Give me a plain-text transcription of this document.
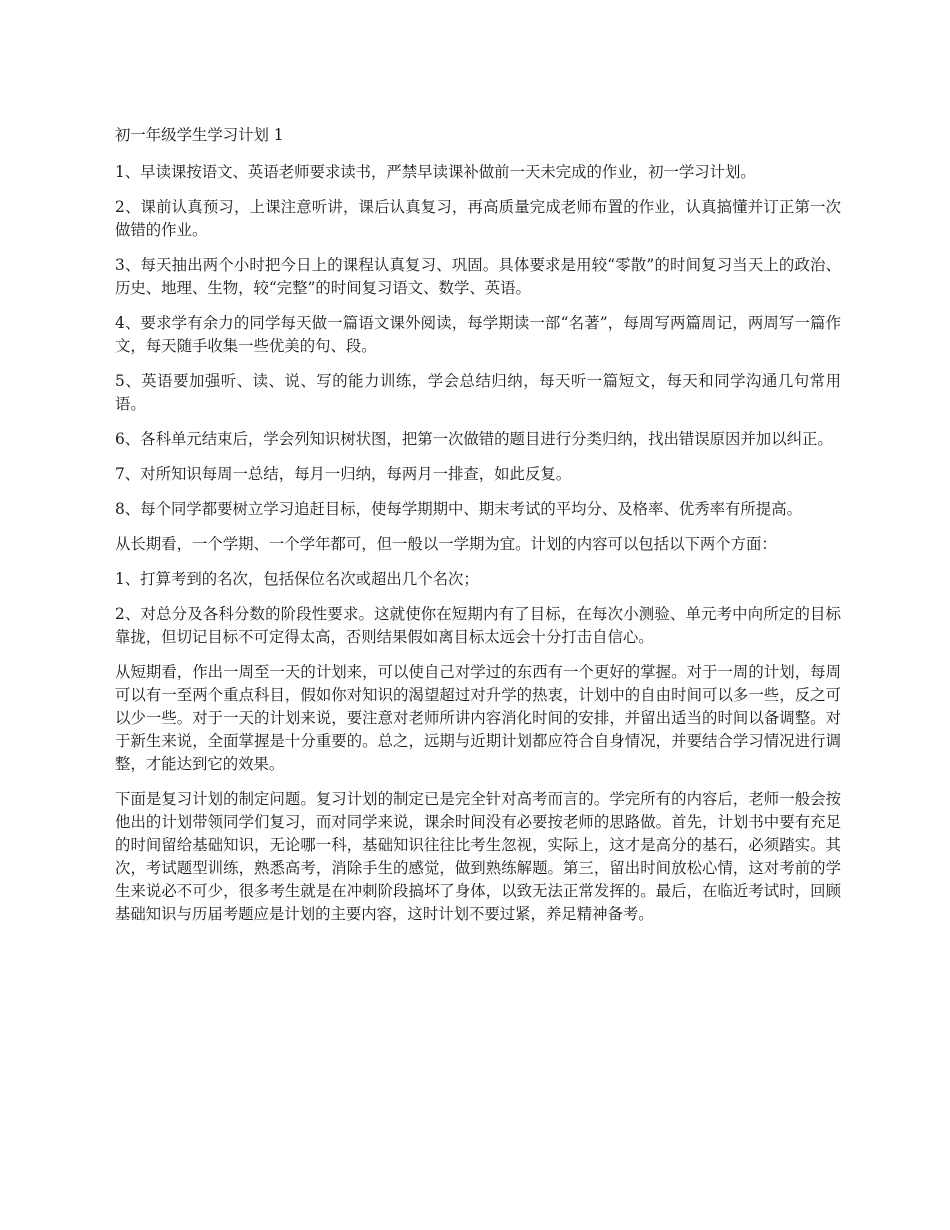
初一年级学生学习计划 1

1、早读课按语文、英语老师要求读书，严禁早读课补做前一天未完成的作业，初一学习计划。

2、课前认真预习，上课注意听讲，课后认真复习，再高质量完成老师布置的作业，认真搞懂并订正第一次做错的作业。

3、每天抽出两个小时把今日上的课程认真复习、巩固。具体要求是用较“零散”的时间复习当天上的政治、历史、地理、生物，较“完整”的时间复习语文、数学、英语。

4、要求学有余力的同学每天做一篇语文课外阅读，每学期读一部“名著”，每周写两篇周记，两周写一篇作文，每天随手收集一些优美的句、段。

5、英语要加强听、读、说、写的能力训练，学会总结归纳，每天听一篇短文，每天和同学沟通几句常用语。

6、各科单元结束后，学会列知识树状图，把第一次做错的题目进行分类归纳，找出错误原因并加以纠正。

7、对所知识每周一总结，每月一归纳，每两月一排查，如此反复。

8、每个同学都要树立学习追赶目标，使每学期期中、期末考试的平均分、及格率、优秀率有所提高。

从长期看，一个学期、一个学年都可，但一般以一学期为宜。计划的内容可以包括以下两个方面：

1、打算考到的名次，包括保位名次或超出几个名次；

2、对总分及各科分数的阶段性要求。这就使你在短期内有了目标，在每次小测验、单元考中向所定的目标靠拢，但切记目标不可定得太高，否则结果假如离目标太远会十分打击自信心。

从短期看，作出一周至一天的计划来，可以使自己对学过的东西有一个更好的掌握。对于一周的计划，每周可以有一至两个重点科目，假如你对知识的渴望超过对升学的热衷，计划中的自由时间可以多一些，反之可以少一些。对于一天的计划来说，要注意对老师所讲内容消化时间的安排，并留出适当的时间以备调整。对于新生来说，全面掌握是十分重要的。总之，远期与近期计划都应符合自身情况，并要结合学习情况进行调整，才能达到它的效果。

下面是复习计划的制定问题。复习计划的制定已是完全针对高考而言的。学完所有的内容后，老师一般会按他出的计划带领同学们复习，而对同学来说，课余时间没有必要按老师的思路做。首先，计划书中要有充足的时间留给基础知识，无论哪一科，基础知识往往比考生忽视，实际上，这才是高分的基石，必须踏实。其次，考试题型训练，熟悉高考，消除手生的感觉，做到熟练解题。第三，留出时间放松心情，这对考前的学生来说必不可少，很多考生就是在冲刺阶段搞坏了身体，以致无法正常发挥的。最后，在临近考试时，回顾基础知识与历届考题应是计划的主要内容，这时计划不要过紧，养足精神备考。
